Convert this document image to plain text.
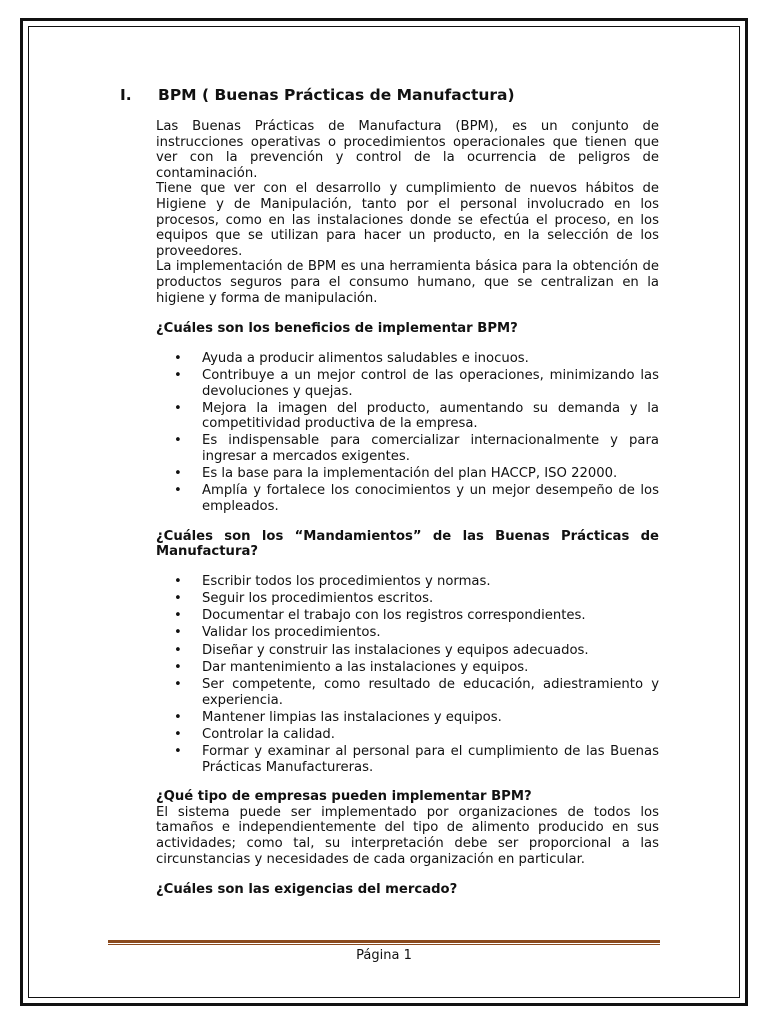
I. BPM ( Buenas Prácticas de Manufactura)

Las Buenas Prácticas de Manufactura (BPM), es un conjunto de instrucciones operativas o procedimientos operacionales que tienen que ver con la prevención y control de la ocurrencia de peligros de contaminación.

Tiene que ver con el desarrollo y cumplimiento de nuevos hábitos de Higiene y de Manipulación, tanto por el personal involucrado en los procesos, como en las instalaciones donde se efectúa el proceso, en los equipos que se utilizan para hacer un producto, en la selección de los proveedores.

La implementación de BPM es una herramienta básica para la obtención de productos seguros para el consumo humano, que se centralizan en la higiene y forma de manipulación.

¿Cuáles son los beneficios de implementar BPM?

• Ayuda a producir alimentos saludables e inocuos.
• Contribuye a un mejor control de las operaciones, minimizando las devoluciones y quejas.
• Mejora la imagen del producto, aumentando su demanda y la competitividad productiva de la empresa.
• Es indispensable para comercializar internacionalmente y para ingresar a mercados exigentes.
• Es la base para la implementación del plan HACCP, ISO 22000.
• Amplía y fortalece los conocimientos y un mejor desempeño de los empleados.

¿Cuáles son los “Mandamientos” de las Buenas Prácticas de Manufactura?

• Escribir todos los procedimientos y normas.
• Seguir los procedimientos escritos.
• Documentar el trabajo con los registros correspondientes.
• Validar los procedimientos.
• Diseñar y construir las instalaciones y equipos adecuados.
• Dar mantenimiento a las instalaciones y equipos.
• Ser competente, como resultado de educación, adiestramiento y experiencia.
• Mantener limpias las instalaciones y equipos.
• Controlar la calidad.
• Formar y examinar al personal para el cumplimiento de las Buenas Prácticas Manufactureras.

¿Qué tipo de empresas pueden implementar BPM?

El sistema puede ser implementado por organizaciones de todos los tamaños e independientemente del tipo de alimento producido en sus actividades; como tal, su interpretación debe ser proporcional a las circunstancias y necesidades de cada organización en particular.

¿Cuáles son las exigencias del mercado?

Página 1
